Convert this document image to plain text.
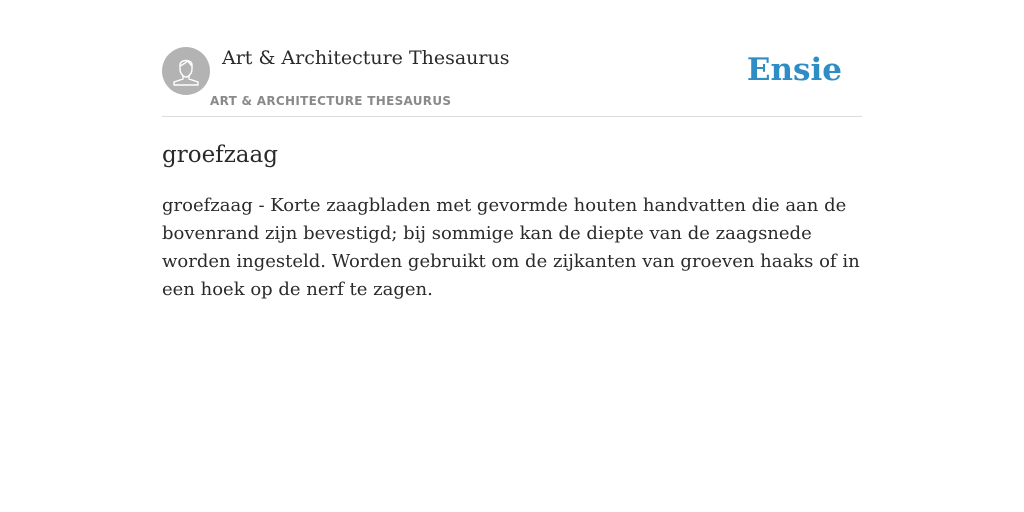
Art & Architecture Thesaurus
ART & ARCHITECTURE THESAURUS
Ensie
groefzaag

groefzaag - Korte zaagbladen met gevormde houten handvatten die aan de bovenrand zijn bevestigd; bij sommige kan de diepte van de zaagsnede worden ingesteld. Worden gebruikt om de zijkanten van groeven haaks of in een hoek op de nerf te zagen.
